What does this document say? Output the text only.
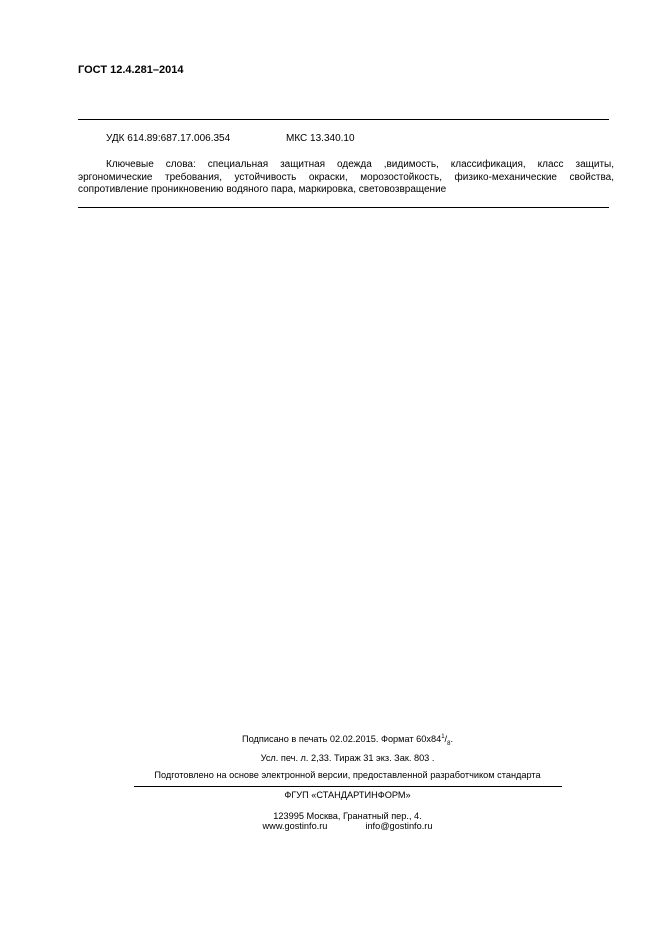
ГОСТ 12.4.281–2014
УДК 614.89:687.17.006.354	МКС 13.340.10
Ключевые слова: специальная защитная одежда ,видимость, классификация, класс защиты, эргономические требования, устойчивость окраски, морозостойкость, физико-механические свойства, сопротивление проникновению водяного пара, маркировка, световозвращение
Подписано в печать 02.02.2015. Формат $60х84^1/_8$.
Усл. печ. л. 2,33. Тираж 31 экз. Зак. 803 .
Подготовлено на основе электронной версии, предоставленной разработчиком стандарта
ФГУП «СТАНДАРТИНФОРМ»
123995 Москва, Гранатный пер., 4.
www.gostinfo.ru	info@gostinfo.ru
